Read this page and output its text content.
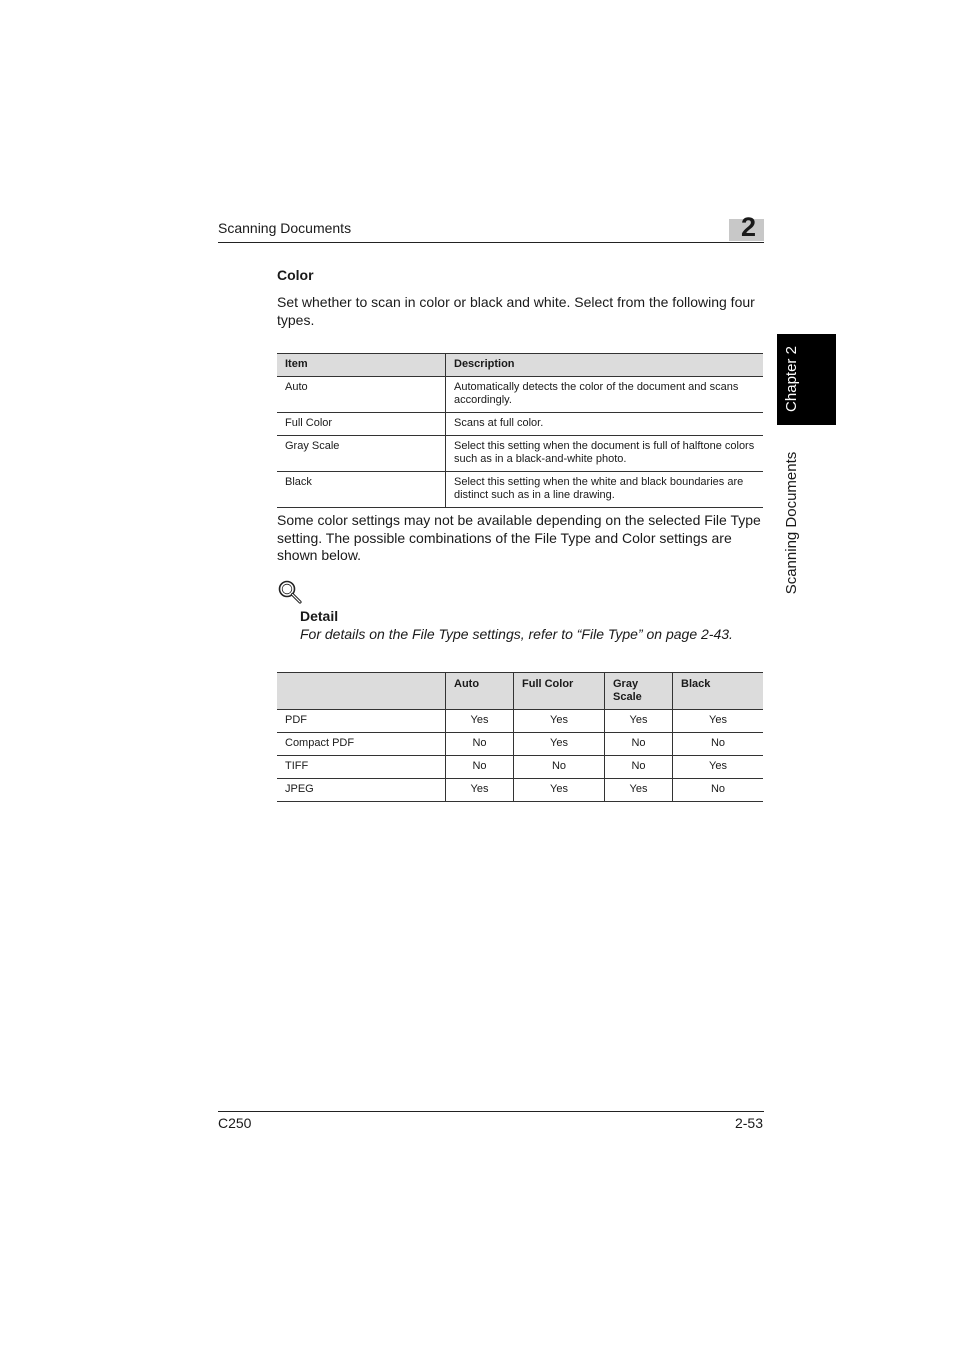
Scanning Documents	2
Chapter 2
Scanning Documents
Color
Set whether to scan in color or black and white. Select from the following four types.
Item	Description
Auto	Automatically detects the color of the document and scans accordingly.
Full Color	Scans at full color.
Gray Scale	Select this setting when the document is full of halftone colors such as in a black-and-white photo.
Black	Select this setting when the white and black boundaries are distinct such as in a line drawing.
Some color settings may not be available depending on the selected File Type setting. The possible combinations of the File Type and Color settings are shown below.
Detail
For details on the File Type settings, refer to “File Type” on page 2-43.
	Auto	Full Color	Gray Scale	Black
PDF	Yes	Yes	Yes	Yes
Compact PDF	No	Yes	No	No
TIFF	No	No	No	Yes
JPEG	Yes	Yes	Yes	No
C250	2-53
